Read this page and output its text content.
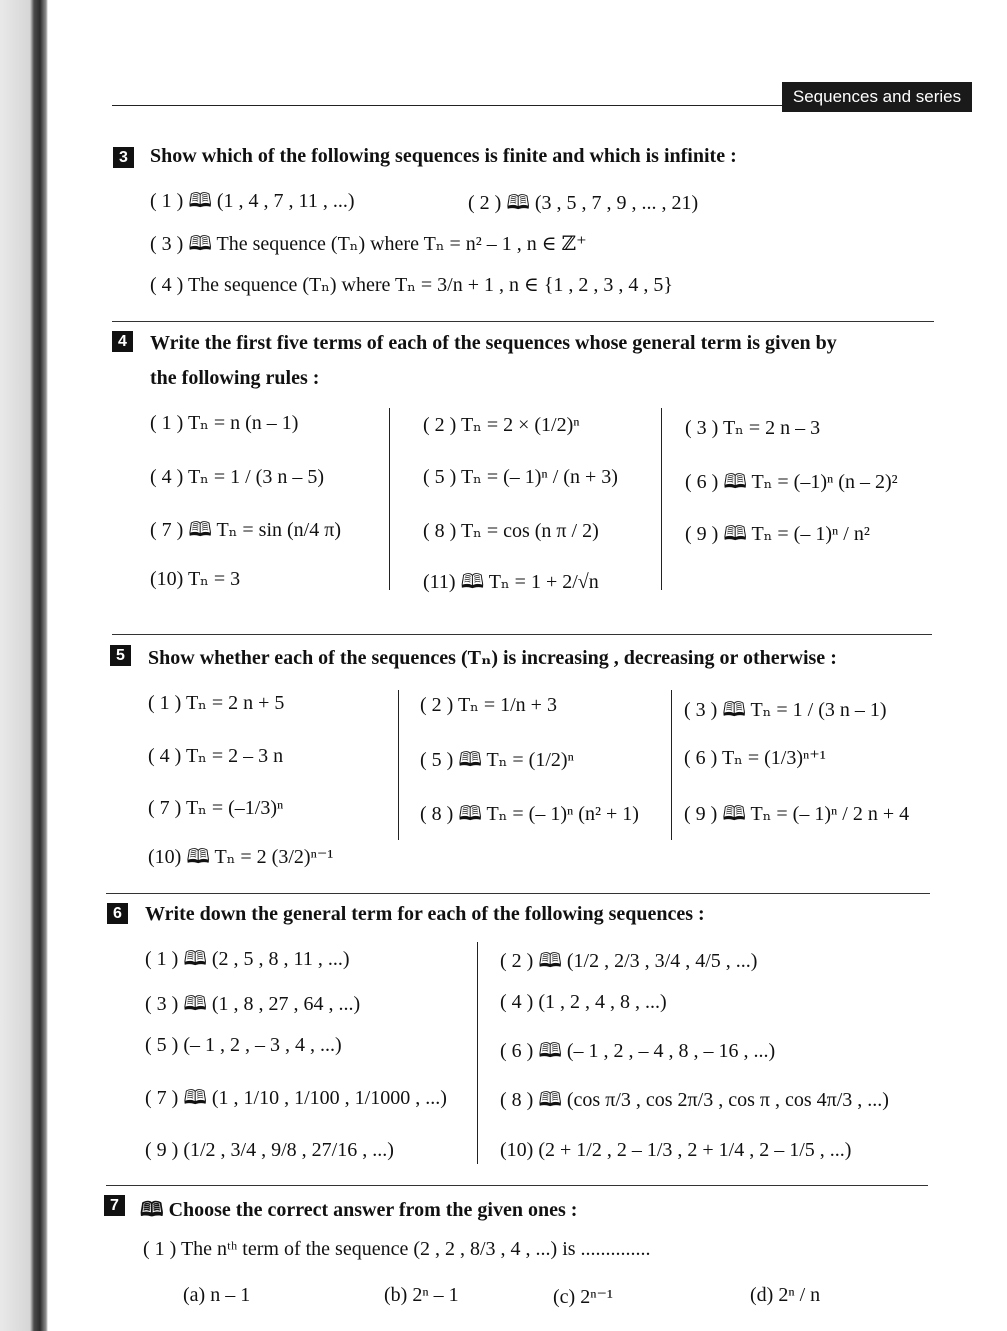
Sequences and series
3	Show which of the following sequences is finite and which is infinite :
( 1 ) 🕮 (1 , 4 , 7 , 11 , ...)	( 2 ) 🕮 (3 , 5 , 7 , 9 , ... , 21)
( 3 ) 🕮 The sequence (Tₙ) where Tₙ = n² – 1 , n ∈ ℤ⁺
( 4 ) The sequence (Tₙ) where Tₙ = 3/n + 1 , n ∈ {1 , 2 , 3 , 4 , 5}
4	Write the first five terms of each of the sequences whose general term is given by
the following rules :
( 1 ) Tₙ = n (n – 1)	( 2 ) Tₙ = 2 × (1/2)ⁿ	( 3 ) Tₙ = 2 n – 3
( 4 ) Tₙ = 1 / (3 n – 5)	( 5 ) Tₙ = (– 1)ⁿ / (n + 3)	( 6 ) 🕮 Tₙ = (–1)ⁿ (n – 2)²
( 7 ) 🕮 Tₙ = sin (n/4 π)	( 8 ) Tₙ = cos (n π / 2)	( 9 ) 🕮 Tₙ = (– 1)ⁿ / n²
(10) Tₙ = 3	(11) 🕮 Tₙ = 1 + 2/√n
5	Show whether each of the sequences (Tₙ) is increasing , decreasing or otherwise :
( 1 ) Tₙ = 2 n + 5	( 2 ) Tₙ = 1/n + 3	( 3 ) 🕮 Tₙ = 1 / (3 n – 1)
( 4 ) Tₙ = 2 – 3 n	( 5 ) 🕮 Tₙ = (1/2)ⁿ	( 6 ) Tₙ = (1/3)ⁿ⁺¹
( 7 ) Tₙ = (–1/3)ⁿ	( 8 ) 🕮 Tₙ = (– 1)ⁿ (n² + 1) ( 9 ) 🕮 Tₙ = (– 1)ⁿ / 2 n + 4
(10) 🕮 Tₙ = 2 (3/2)ⁿ⁻¹
6	Write down the general term for each of the following sequences :
( 1 ) 🕮 (2 , 5 , 8 , 11 , ...)	( 2 ) 🕮 (1/2 , 2/3 , 3/4 , 4/5 , ...)
( 3 ) 🕮 (1 , 8 , 27 , 64 , ...)	( 4 ) (1 , 2 , 4 , 8 , ...)
( 5 ) (– 1 , 2 , – 3 , 4 , ...)	( 6 ) 🕮 (– 1 , 2 , – 4 , 8 , – 16 , ...)
( 7 ) 🕮 (1 , 1/10 , 1/100 , 1/1000 , ...)	( 8 ) 🕮 (cos π/3 , cos 2π/3 , cos π , cos 4π/3 , ...)
( 9 ) (1/2 , 3/4 , 9/8 , 27/16 , ...)	(10) (2 + 1/2 , 2 – 1/3 , 2 + 1/4 , 2 – 1/5 , ...)
7	🕮 Choose the correct answer from the given ones :
( 1 ) The nᵗʰ term of the sequence (2 , 2 , 8/3 , 4 , ...) is ..............
(a) n – 1	(b) 2ⁿ – 1	(c) 2ⁿ⁻¹	(d) 2ⁿ / n
